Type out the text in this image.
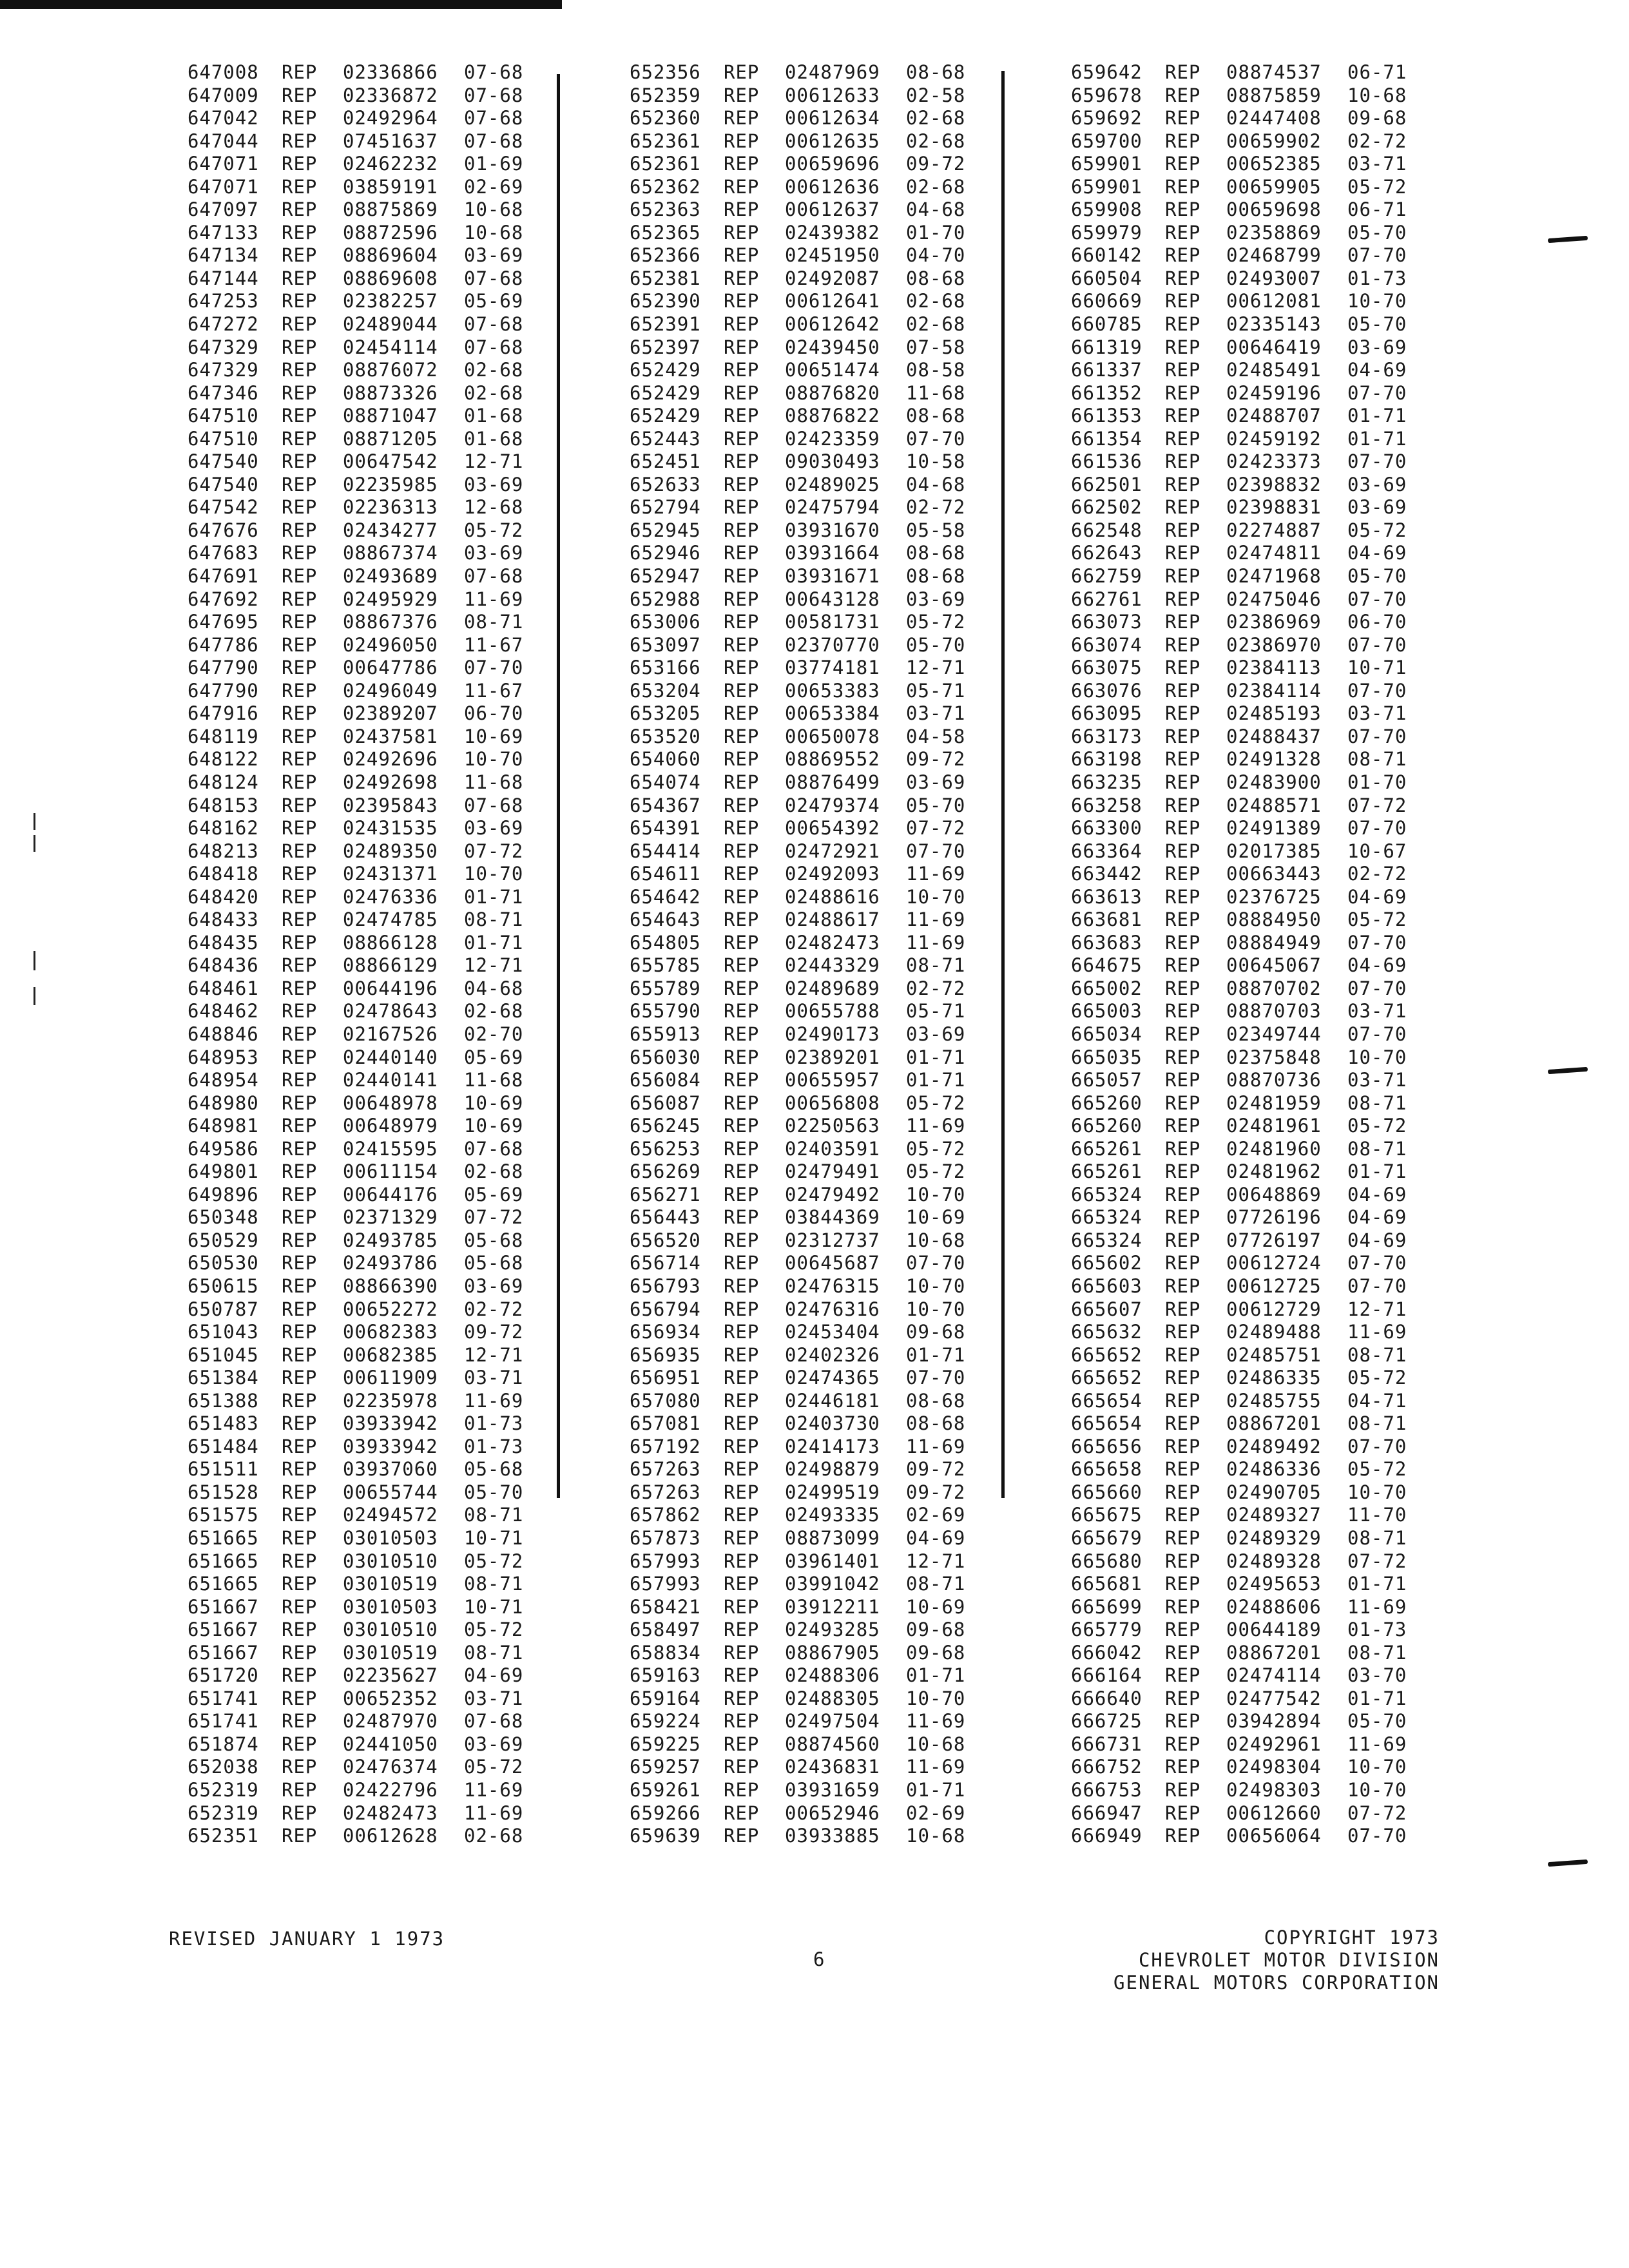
647008 REP 02336866 07-68
647009 REP 02336872 07-68
647042 REP 02492964 07-68
647044 REP 07451637 07-68
647071 REP 02462232 01-69
647071 REP 03859191 02-69
647097 REP 08875869 10-68
647133 REP 08872596 10-68
647134 REP 08869604 03-69
647144 REP 08869608 07-68
647253 REP 02382257 05-69
647272 REP 02489044 07-68
647329 REP 02454114 07-68
647329 REP 08876072 02-68
647346 REP 08873326 02-68
647510 REP 08871047 01-68
647510 REP 08871205 01-68
647540 REP 00647542 12-71
647540 REP 02235985 03-69
647542 REP 02236313 12-68
647676 REP 02434277 05-72
647683 REP 08867374 03-69
647691 REP 02493689 07-68
647692 REP 02495929 11-69
647695 REP 08867376 08-71
647786 REP 02496050 11-67
647790 REP 00647786 07-70
647790 REP 02496049 11-67
647916 REP 02389207 06-70
648119 REP 02437581 10-69
648122 REP 02492696 10-70
648124 REP 02492698 11-68
648153 REP 02395843 07-68
648162 REP 02431535 03-69
648213 REP 02489350 07-72
648418 REP 02431371 10-70
648420 REP 02476336 01-71
648433 REP 02474785 08-71
648435 REP 08866128 01-71
648436 REP 08866129 12-71
648461 REP 00644196 04-68
648462 REP 02478643 02-68
648846 REP 02167526 02-70
648953 REP 02440140 05-69
648954 REP 02440141 11-68
648980 REP 00648978 10-69
648981 REP 00648979 10-69
649586 REP 02415595 07-68
649801 REP 00611154 02-68
649896 REP 00644176 05-69
650348 REP 02371329 07-72
650529 REP 02493785 05-68
650530 REP 02493786 05-68
650615 REP 08866390 03-69
650787 REP 00652272 02-72
651043 REP 00682383 09-72
651045 REP 00682385 12-71
651384 REP 00611909 03-71
651388 REP 02235978 11-69
651483 REP 03933942 01-73
651484 REP 03933942 01-73
651511 REP 03937060 05-68
651528 REP 00655744 05-70
651575 REP 02494572 08-71
651665 REP 03010503 10-71
651665 REP 03010510 05-72
651665 REP 03010519 08-71
651667 REP 03010503 10-71
651667 REP 03010510 05-72
651667 REP 03010519 08-71
651720 REP 02235627 04-69
651741 REP 00652352 03-71
651741 REP 02487970 07-68
651874 REP 02441050 03-69
652038 REP 02476374 05-72
652319 REP 02422796 11-69
652319 REP 02482473 11-69
652351 REP 00612628 02-68
652356 REP 02487969 08-68
652359 REP 00612633 02-58
652360 REP 00612634 02-68
652361 REP 00612635 02-68
652361 REP 00659696 09-72
652362 REP 00612636 02-68
652363 REP 00612637 04-68
652365 REP 02439382 01-70
652366 REP 02451950 04-70
652381 REP 02492087 08-68
652390 REP 00612641 02-68
652391 REP 00612642 02-68
652397 REP 02439450 07-58
652429 REP 00651474 08-58
652429 REP 08876820 11-68
652429 REP 08876822 08-68
652443 REP 02423359 07-70
652451 REP 09030493 10-58
652633 REP 02489025 04-68
652794 REP 02475794 02-72
652945 REP 03931670 05-58
652946 REP 03931664 08-68
652947 REP 03931671 08-68
652988 REP 00643128 03-69
653006 REP 00581731 05-72
653097 REP 02370770 05-70
653166 REP 03774181 12-71
653204 REP 00653383 05-71
653205 REP 00653384 03-71
653520 REP 00650078 04-58
654060 REP 08869552 09-72
654074 REP 08876499 03-69
654367 REP 02479374 05-70
654391 REP 00654392 07-72
654414 REP 02472921 07-70
654611 REP 02492093 11-69
654642 REP 02488616 10-70
654643 REP 02488617 11-69
654805 REP 02482473 11-69
655785 REP 02443329 08-71
655789 REP 02489689 02-72
655790 REP 00655788 05-71
655913 REP 02490173 03-69
656030 REP 02389201 01-71
656084 REP 00655957 01-71
656087 REP 00656808 05-72
656245 REP 02250563 11-69
656253 REP 02403591 05-72
656269 REP 02479491 05-72
656271 REP 02479492 10-70
656443 REP 03844369 10-69
656520 REP 02312737 10-68
656714 REP 00645687 07-70
656793 REP 02476315 10-70
656794 REP 02476316 10-70
656934 REP 02453404 09-68
656935 REP 02402326 01-71
656951 REP 02474365 07-70
657080 REP 02446181 08-68
657081 REP 02403730 08-68
657192 REP 02414173 11-69
657263 REP 02498879 09-72
657263 REP 02499519 09-72
657862 REP 02493335 02-69
657873 REP 08873099 04-69
657993 REP 03961401 12-71
657993 REP 03991042 08-71
658421 REP 03912211 10-69
658497 REP 02493285 09-68
658834 REP 08867905 09-68
659163 REP 02488306 01-71
659164 REP 02488305 10-70
659224 REP 02497504 11-69
659225 REP 08874560 10-68
659257 REP 02436831 11-69
659261 REP 03931659 01-71
659266 REP 00652946 02-69
659639 REP 03933885 10-68
659642 REP 08874537 06-71
659678 REP 08875859 10-68
659692 REP 02447408 09-68
659700 REP 00659902 02-72
659901 REP 00652385 03-71
659901 REP 00659905 05-72
659908 REP 00659698 06-71
659979 REP 02358869 05-70
660142 REP 02468799 07-70
660504 REP 02493007 01-73
660669 REP 00612081 10-70
660785 REP 02335143 05-70
661319 REP 00646419 03-69
661337 REP 02485491 04-69
661352 REP 02459196 07-70
661353 REP 02488707 01-71
661354 REP 02459192 01-71
661536 REP 02423373 07-70
662501 REP 02398832 03-69
662502 REP 02398831 03-69
662548 REP 02274887 05-72
662643 REP 02474811 04-69
662759 REP 02471968 05-70
662761 REP 02475046 07-70
663073 REP 02386969 06-70
663074 REP 02386970 07-70
663075 REP 02384113 10-71
663076 REP 02384114 07-70
663095 REP 02485193 03-71
663173 REP 02488437 07-70
663198 REP 02491328 08-71
663235 REP 02483900 01-70
663258 REP 02488571 07-72
663300 REP 02491389 07-70
663364 REP 02017385 10-67
663442 REP 00663443 02-72
663613 REP 02376725 04-69
663681 REP 08884950 05-72
663683 REP 08884949 07-70
664675 REP 00645067 04-69
665002 REP 08870702 07-70
665003 REP 08870703 03-71
665034 REP 02349744 07-70
665035 REP 02375848 10-70
665057 REP 08870736 03-71
665260 REP 02481959 08-71
665260 REP 02481961 05-72
665261 REP 02481960 08-71
665261 REP 02481962 01-71
665324 REP 00648869 04-69
665324 REP 07726196 04-69
665324 REP 07726197 04-69
665602 REP 00612724 07-70
665603 REP 00612725 07-70
665607 REP 00612729 12-71
665632 REP 02489488 11-69
665652 REP 02485751 08-71
665652 REP 02486335 05-72
665654 REP 02485755 04-71
665654 REP 08867201 08-71
665656 REP 02489492 07-70
665658 REP 02486336 05-72
665660 REP 02490705 10-70
665675 REP 02489327 11-70
665679 REP 02489329 08-71
665680 REP 02489328 07-72
665681 REP 02495653 01-71
665699 REP 02488606 11-69
665779 REP 00644189 01-73
666042 REP 08867201 08-71
666164 REP 02474114 03-70
666640 REP 02477542 01-71
666725 REP 03942894 05-70
666731 REP 02492961 11-69
666752 REP 02498304 10-70
666753 REP 02498303 10-70
666947 REP 00612660 07-72
666949 REP 00656064 07-70
REVISED JANUARY 1 1973
6
COPYRIGHT 1973
CHEVROLET MOTOR DIVISION
GENERAL MOTORS CORPORATION
